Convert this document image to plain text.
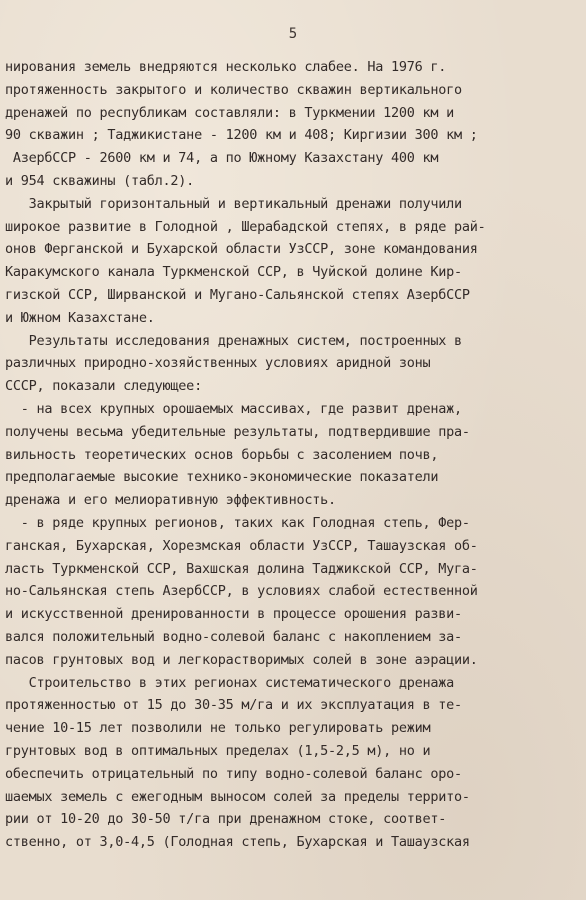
5
нирования земель внедряются несколько слабее. На 1976 г.
протяженность закрытого и количество скважин вертикального
дренажей по республикам составляли: в Туркмении 1200 км и
90 скважин ; Таджикистане - 1200 км и 408; Киргизии 300 км ;
АзербССР - 2600 км и 74, а по Южному Казахстану 400 км
и 954 скважины (табл.2).
Закрытый горизонтальный и вертикальный дренажи получили
широкое развитие в Голодной , Шерабадской степях, в ряде рай-
онов Ферганской и Бухарской области УзССР, зоне командования
Каракумского канала Туркменской ССР, в Чуйской долине Кир-
гизской ССР, Ширванской и Мугано-Сальянской степях АзербССР
и Южном Казахстане.
Результаты исследования дренажных систем, построенных в
различных природно-хозяйственных условиях аридной зоны
СССР, показали следующее:
- на всех крупных орошаемых массивах, где развит дренаж,
получены весьма убедительные результаты, подтвердившие пра-
вильность теоретических основ борьбы с засолением почв,
предполагаемые высокие технико-экономические показатели
дренажа и его мелиоративную эффективность.
- в ряде крупных регионов, таких как Голодная степь, Фер-
ганская, Бухарская, Хорезмская области УзССР, Ташаузская об-
ласть Туркменской ССР, Вахшская долина Таджикской ССР, Мугa-
но-Сальянская степь АзербССР, в условиях слабой естественной
и искусственной дренированности в процессе орошения разви-
вался положительный водно-солевой баланс с накоплением за-
пасов грунтовых вод и легкорастворимых солей в зоне аэрации.
Строительство в этих регионах систематического дренажа
протяженностью от 15 до 30-35 м/га и их эксплуатация в те-
чение 10-15 лет позволили не только регулировать режим
грунтовых вод в оптимальных пределах (1,5-2,5 м), но и
обеспечить отрицательный по типу водно-солевой баланс оро-
шаемых земель с ежегодным выносом солей за пределы террито-
рии от 10-20 до 30-50 т/га при дренажном стоке, соответ-
ственно, от 3,0-4,5 (Голодная степь, Бухарская и Ташаузская
